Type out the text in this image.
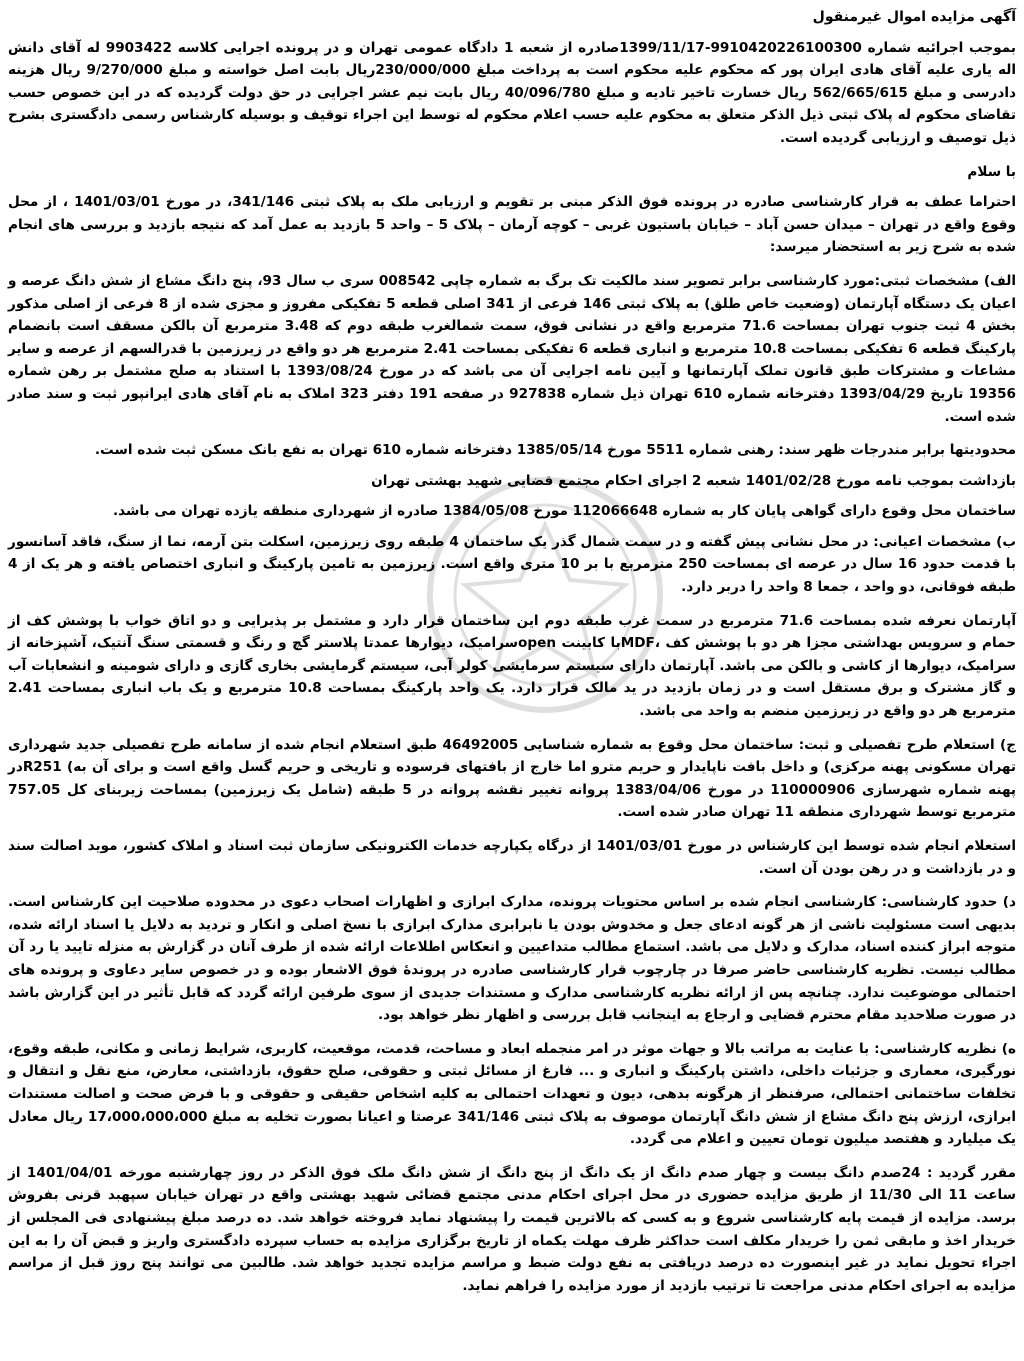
آگهی مزایده اموال غیرمنقول

بموجب اجرائیه شماره 9910420226100300-1399/11/17صادره از شعبه 1 دادگاه عمومی تهران و در پرونده اجرایی کلاسه 9903422 له آقای دانش اله یاری علیه آقای هادی ایران پور که محکوم علیه محکوم است به پرداخت مبلغ 230/000/000ریال بابت اصل خواسته و مبلغ 9/270/000 ریال هزینه دادرسی و مبلغ 562/665/615 ریال خسارت تاخیر تادیه و مبلغ 40/096/780 ریال بابت نیم عشر اجرایی در حق دولت گردیده که در این خصوص حسب تقاضای محکوم له پلاک ثبتی ذیل الذکر متعلق به محکوم علیه حسب اعلام محکوم له توسط این اجراء توقیف و بوسیله کارشناس رسمی دادگستری بشرح ذیل توصیف و ارزیابی گردیده است.

با سلام

احتراما عطف به قرار کارشناسی صادره در پرونده فوق الذکر مبنی بر تقویم و ارزیابی ملک به پلاک ثبتی 341/146، در مورخ 1401/03/01 ، از محل وقوع واقع در تهران – میدان حسن آباد – خیابان باستیون غربی – کوچه آرمان – پلاک 5 – واحد 5 بازدید به عمل آمد که نتیجه بازدید و بررسی های انجام شده به شرح زیر به استحضار میرسد:

الف) مشخصات ثبتی:مورد کارشناسی برابر تصویر سند مالکیت تک برگ به شماره چاپی 008542 سری ب سال 93، پنج دانگ مشاع از شش دانگ عرصه و اعیان یک دستگاه آپارتمان (وضعیت خاص طلق) به پلاک ثبتی 146 فرعی از 341 اصلی قطعه 5 تفکیکی مفروز و مجزی شده از 8 فرعی از اصلی مذکور بخش 4 ثبت جنوب تهران بمساحت 71.6 مترمربع واقع در نشانی فوق، سمت شمالغرب طبقه دوم که 3.48 مترمربع آن بالکن مسقف است بانضمام پارکینگ قطعه 6 تفکیکی بمساحت 10.8 مترمربع و انباری قطعه 6 تفکیکی بمساحت 2.41 مترمربع هر دو واقع در زیرزمین با قدرالسهم از عرصه و سایر مشاعات و مشترکات طبق قانون تملک آپارتمانها و آیین نامه اجرایی آن می باشد که در مورخ 1393/08/24 با استناد به صلح مشتمل بر رهن شماره 19356 تاریخ 1393/04/29 دفترخانه شماره 610 تهران ذیل شماره 927838 در صفحه 191 دفتر 323 املاک به نام آقای هادی ایرانپور ثبت و سند صادر شده است.

محدودیتها برابر مندرجات ظهر سند: رهنی شماره 5511 مورخ 1385/05/14 دفترخانه شماره 610 تهران به نفع بانک مسکن ثبت شده است.

بازداشت بموجب نامه مورخ 1401/02/28 شعبه 2 اجرای احکام مجتمع قضایی شهید بهشتی تهران

ساختمان محل وقوع دارای گواهی پایان کار به شماره 112066648 مورخ 1384/05/08 صادره از شهرداری منطقه یازده تهران می باشد.

ب) مشخصات اعیانی: در محل نشانی پیش گفته و در سمت شمال گذر یک ساختمان 4 طبقه روی زیرزمین، اسکلت بتن آرمه، نما از سنگ، فاقد آسانسور با قدمت حدود 16 سال در عرصه ای بمساحت 250 مترمربع با بر 10 متری واقع است. زیرزمین به تامین پارکینگ و انباری اختصاص یافته و هر یک از 4 طبقه فوقانی، دو واحد ، جمعا 8 واحد را دربر دارد.

آپارتمان نعرفه شده بمساحت 71.6 مترمربع در سمت غرب طبقه دوم این ساختمان قرار دارد و مشتمل بر پذیرایی و دو اتاق خواب با پوشش کف از حمام و سرویس بهداشتی مجزا هر دو با پوشش کف ،MDFبا کابینت openسرامیک، دیوارها عمدتا پلاستر گچ و رنگ و قسمتی سنگ آنتیک، آشپزخانه از سرامیک، دیوارها از کاشی و بالکن می باشد. آپارتمان دارای سیستم سرمایشی کولر آبی، سیستم گرمایشی بخاری گازی و دارای شومینه و انشعابات آب و گاز مشترک و برق مستقل است و در زمان بازدید در ید مالک قرار دارد. یک واحد پارکینگ بمساحت 10.8 مترمربع و یک باب انباری بمساحت 2.41 مترمربع هر دو واقع در زیرزمین منضم به واحد می باشد.

ج) استعلام طرح تفصیلی و ثبت: ساختمان محل وقوع به شماره شناسایی 46492005 طبق استعلام انجام شده از سامانه طرح تفصیلی جدید شهرداری تهران مسکونی پهنه مرکزی) و داخل بافت ناپایدار و حریم مترو اما خارج از بافتهای فرسوده و تاریخی و حریم گسل واقع است و برای آن به) R251در پهنه شماره شهرسازی 110000906 در مورخ 1383/04/06 پروانه تغییر نقشه پروانه در 5 طبقه (شامل یک زیرزمین) بمساحت زیربنای کل 757.05 مترمربع توسط شهرداری منطقه 11 تهران صادر شده است.

استعلام انجام شده توسط این کارشناس در مورخ 1401/03/01 از درگاه یکپارچه خدمات الکترونیکی سازمان ثبت اسناد و املاک کشور، موید اصالت سند و در بازداشت و در رهن بودن آن است.

د) حدود کارشناسی: کارشناسی انجام شده بر اساس محتویات پرونده، مدارک ابرازی و اظهارات اصحاب دعوی در محدوده صلاحیت این کارشناس است. بدیهی است مسئولیت ناشی از هر گونه ادعای جعل و مخدوش بودن یا نابرابری مدارک ابرازی با نسخ اصلی و انکار و تردید به دلایل یا اسناد ارائه شده، متوجه ابراز کننده اسناد، مدارک و دلایل می باشد. استماع مطالب متداعیین و انعکاس اطلاعات ارائه شده از طرف آنان در گزارش به منزله تایید یا رد آن مطالب نیست. نظریه کارشناسی حاضر صرفا در چارچوب قرار کارشناسی صادره در پروندۀ فوق الاشعار بوده و در خصوص سایر دعاوی و پرونده های احتمالی موضوعیت ندارد. چنانچه پس از ارائه نظریه کارشناسی مدارک و مستندات جدیدی از سوی طرفین ارائه گردد که قابل تأثیر در این گزارش باشد در صورت صلاحدید مقام محترم قضایی و ارجاع به اینجانب قابل بررسی و اظهار نظر خواهد بود.

ه) نظریه کارشناسی: با عنایت به مراتب بالا و جهات موثر در امر منجمله ابعاد و مساحت، قدمت، موقعیت، کاربری، شرایط زمانی و مکانی، طبقه وقوع، نورگیری، معماری و جزئیات داخلی، داشتن پارکینگ و انباری و ... فارغ از مسائل ثبتی و حقوقی، صلح حقوق، بازداشتی، معارض، منع نقل و انتقال و تخلفات ساختمانی احتمالی، صرفنظر از هرگونه بدهی، دیون و تعهدات احتمالی به کلیه اشخاص حقیقی و حقوقی و با فرض صحت و اصالت مستندات ابرازی، ارزش پنج دانگ مشاع از شش دانگ آپارتمان موصوف به پلاک ثبتی 341/146 عرصتا و اعیانا بصورت تخلیه به مبلغ 17،000،000،000 ریال معادل یک میلیارد و هفتصد میلیون تومان تعیین و اعلام می گردد.

مقرر گردید : 24صدم دانگ بیست و چهار صدم دانگ از یک دانگ از پنج دانگ از شش دانگ ملک فوق الذکر در روز چهارشنبه مورخه 1401/04/01 از ساعت 11 الی 11/30 از طریق مزایده حضوری در محل اجرای احکام مدنی مجتمع قضائی شهید بهشتی واقع در تهران خیابان سپهبد قرنی بفروش برسد. مزایده از قیمت پایه کارشناسی شروع و به کسی که بالاترین قیمت را پیشنهاد نماید فروخته خواهد شد. ده درصد مبلغ پیشنهادی فی المجلس از خریدار اخذ و مابقی ثمن را خریدار مکلف است حداکثر ظرف مهلت یکماه از تاریخ برگزاری مزایده به حساب سپرده دادگستری واریز و قبض آن را به این اجراء تحویل نماید در غیر اینصورت ده درصد دریافتی به نفع دولت ضبط و مراسم مزایده تجدید خواهد شد. طالبین می توانند پنج روز قبل از مراسم مزایده به اجرای احکام مدنی مراجعت تا ترتیب بازدید از مورد مزایده را فراهم نماید.
